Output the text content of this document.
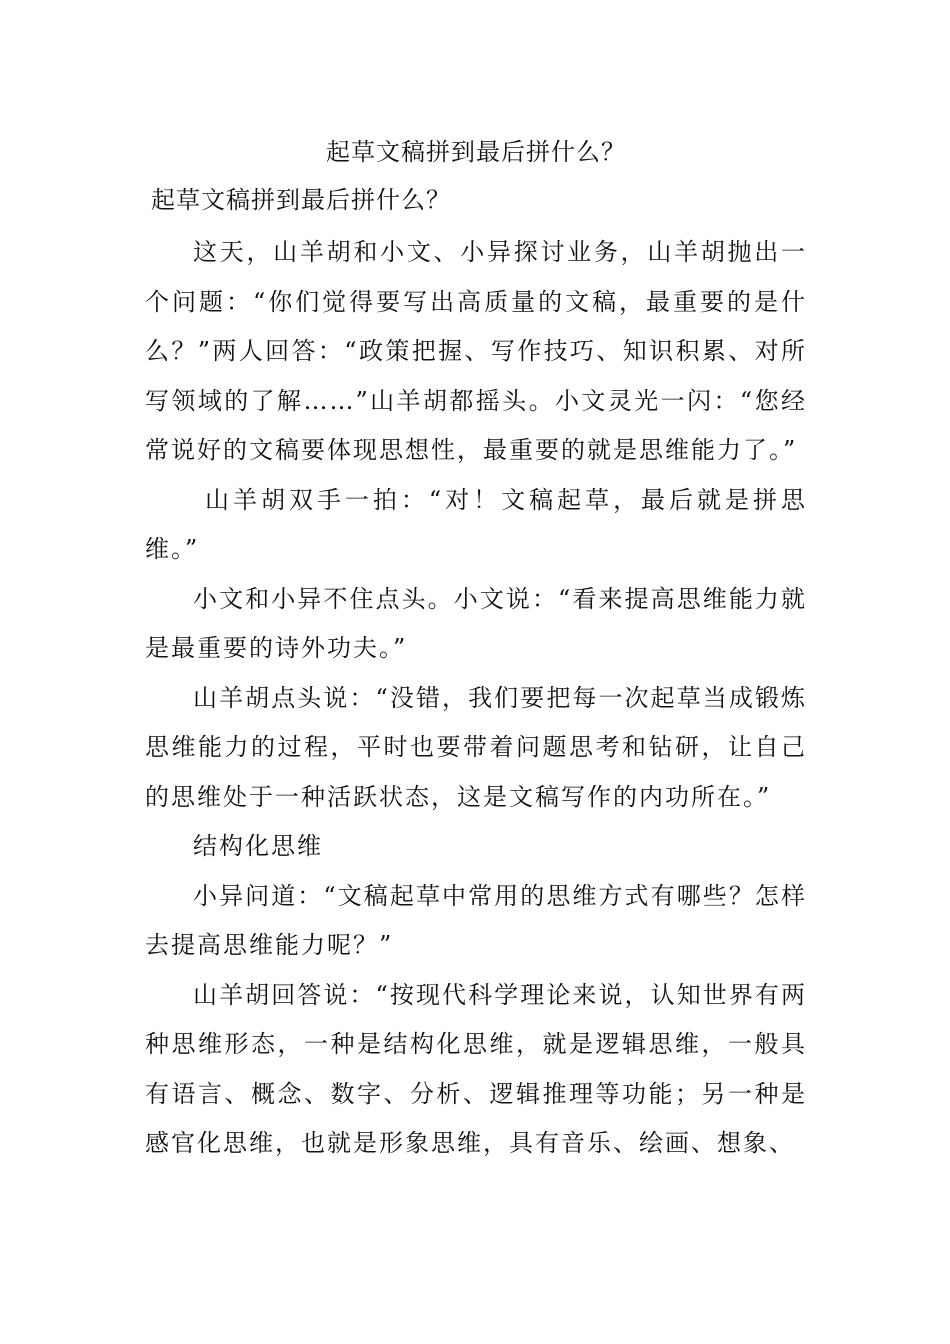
起草文稿拼到最后拼什么？

起草文稿拼到最后拼什么？

这天，山羊胡和小文、小异探讨业务，山羊胡抛出一个问题：“你们觉得要写出高质量的文稿，最重要的是什么？”两人回答：“政策把握、写作技巧、知识积累、对所写领域的了解……”山羊胡都摇头。小文灵光一闪：“您经常说好的文稿要体现思想性，最重要的就是思维能力了。”

山羊胡双手一拍：“对！文稿起草，最后就是拼思维。”

小文和小异不住点头。小文说：“看来提高思维能力就是最重要的诗外功夫。”

山羊胡点头说：“没错，我们要把每一次起草当成锻炼思维能力的过程，平时也要带着问题思考和钻研，让自己的思维处于一种活跃状态，这是文稿写作的内功所在。”

结构化思维

小异问道：“文稿起草中常用的思维方式有哪些？怎样去提高思维能力呢？”

山羊胡回答说：“按现代科学理论来说，认知世界有两种思维形态，一种是结构化思维，就是逻辑思维，一般具有语言、概念、数字、分析、逻辑推理等功能；另一种是感官化思维，也就是形象思维，具有音乐、绘画、想象、
